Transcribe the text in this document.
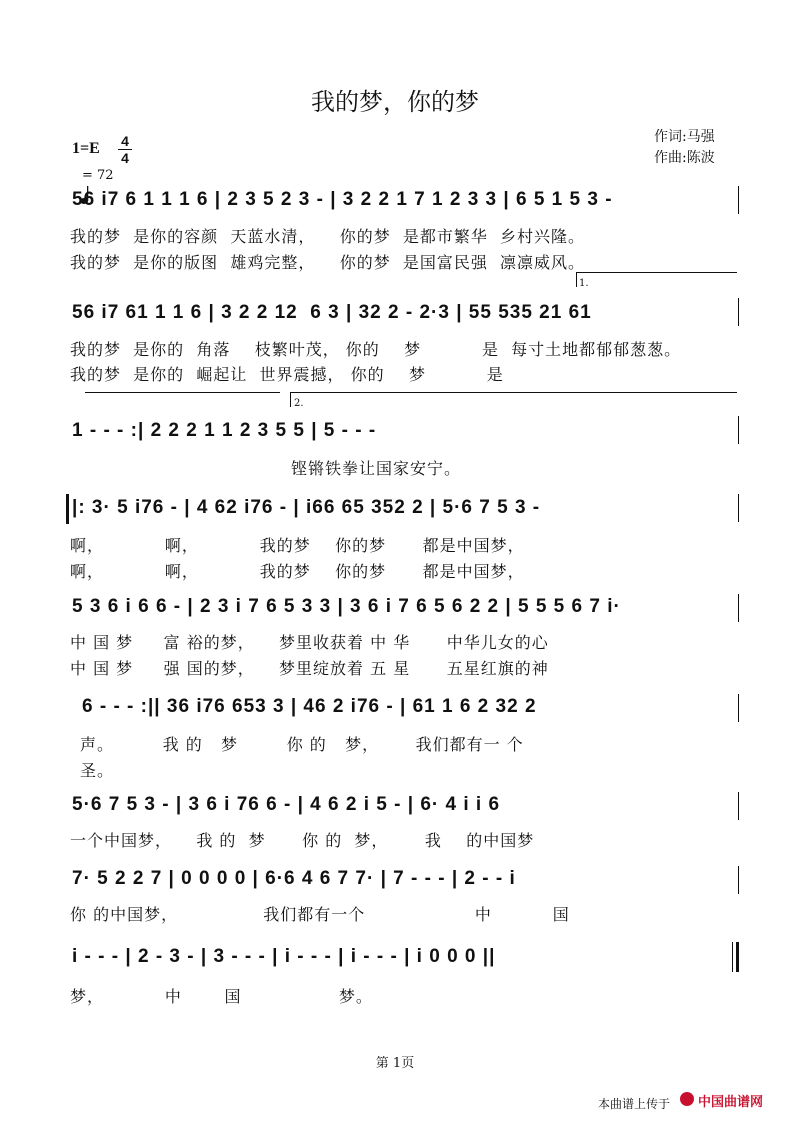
我的梦，你的梦
作词:马强
作曲:陈波
1=E 4
4

= 72
56 i7 6 1 1 1 6 | 2 3 5 2 3 - | 3 2 2 1 7 1 2 3 3 | 6 5 1 5 3 -
我的梦  是你的容颜  天蓝水清，    你的梦  是都市繁华  乡村兴隆。
我的梦  是你的版图  雄鸡完整，    你的梦  是国富民强  凛凛威风。
1.
56 i7 61 1 1 6 | 3 2 2 12  6 3 | 32 2 - 2·3 | 55 535 21 61
我的梦  是你的  角落    枝繁叶茂， 你的    梦          是  每寸土地都郁郁葱葱。
我的梦  是你的  崛起让  世界震撼， 你的    梦          是
2.
1 - - - :| 2 2 2 1 1 2 3 5 5 | 5 - - -
铿锵铁拳让国家安宁。
|: 3· 5 i76 - | 4 62 i76 - | i66 65 352 2 | 5·6 7 5 3 -
啊，          啊，          我的梦    你的梦      都是中国梦，
啊，          啊，          我的梦    你的梦      都是中国梦，
5 3 6 i 6 6 - | 2 3 i 7 6 5 3 3 | 3 6 i 7 6 5 6 2 2 | 5 5 5 6 7 i·
中 国 梦     富 裕的梦，    梦里收获着 中 华      中华儿女的心
中 国 梦     强 国的梦，    梦里绽放着 五 星      五星红旗的神
6 - - - :|| 36 i76 653 3 | 46 2 i76 - | 61 1 6 2 32 2
声。        我 的   梦        你 的   梦，      我们都有一 个
圣。
5·6 7 5 3 - | 3 6 i 76 6 - | 4 6 2 i 5 - | 6· 4 i i 6
一个中国梦，    我 的  梦      你 的  梦，      我    的中国梦
7· 5 2 2 7 | 0 0 0 0 | 6·6 4 6 7 7· | 7 - - - | 2 - - i
你 的中国梦，              我们都有一个                  中          国
i - - - | 2 - 3 - | 3 - - - | i - - - | i - - - | i 0 0 0 ||
梦，          中       国                梦。
第 1页
本曲谱上传于

中国曲谱网
